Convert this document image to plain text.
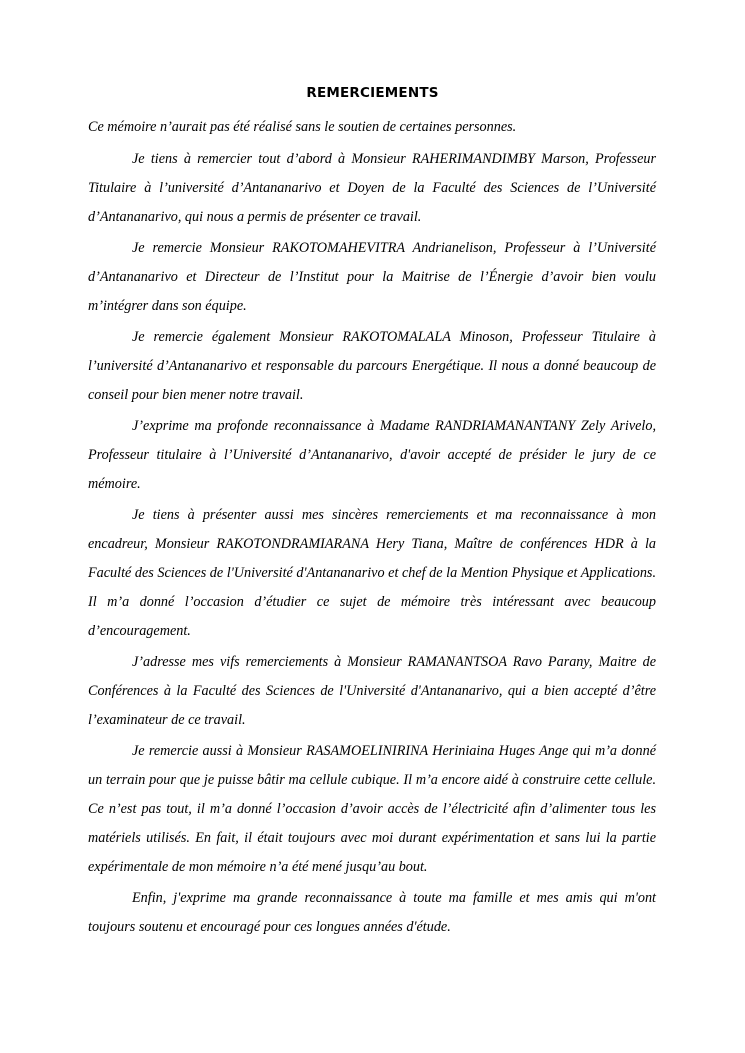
REMERCIEMENTS

Ce mémoire n’aurait pas été réalisé sans le soutien de certaines personnes.

Je tiens à remercier tout d’abord à Monsieur RAHERIMANDIMBY Marson, Professeur Titulaire à l’université d’Antananarivo et Doyen de la Faculté des Sciences de l’Université d’Antananarivo, qui nous a permis de présenter ce travail.

Je remercie Monsieur RAKOTOMAHEVITRA Andrianelison, Professeur à l’Université d’Antananarivo et Directeur de l’Institut pour la Maitrise de l’Énergie d’avoir bien voulu m’intégrer dans son équipe.

Je remercie également Monsieur RAKOTOMALALA Minoson, Professeur Titulaire à l’université d’Antananarivo et responsable du parcours Energétique. Il nous a donné beaucoup de conseil pour bien mener notre travail.

J’exprime ma profonde reconnaissance à Madame RANDRIAMANANTANY Zely Arivelo, Professeur titulaire à l’Université d’Antananarivo, d'avoir accepté de présider le jury de ce mémoire.

Je tiens à présenter aussi mes sincères remerciements et ma reconnaissance à mon encadreur, Monsieur RAKOTONDRAMIARANA Hery Tiana, Maître de conférences HDR à la Faculté des Sciences de l'Université d'Antananarivo et chef de la Mention Physique et Applications. Il m’a donné l’occasion d’étudier ce sujet de mémoire très intéressant avec beaucoup d’encouragement.

J’adresse mes vifs remerciements à Monsieur RAMANANTSOA Ravo Parany, Maitre de Conférences à la Faculté des Sciences de l'Université d'Antananarivo, qui a bien accepté d’être l’examinateur de ce travail.

Je remercie aussi à Monsieur RASAMOELINIRINA Heriniaina Huges Ange qui m’a donné un terrain pour que je puisse bâtir ma cellule cubique. Il m’a encore aidé à construire cette cellule. Ce n’est pas tout, il m’a donné l’occasion d’avoir accès de l’électricité afin d’alimenter tous les matériels utilisés. En fait, il était toujours avec moi durant expérimentation et sans lui la partie expérimentale de mon mémoire n’a été mené jusqu’au bout.

Enfin, j'exprime ma grande reconnaissance à toute ma famille et mes amis qui m'ont toujours soutenu et encouragé pour ces longues années d'étude.
